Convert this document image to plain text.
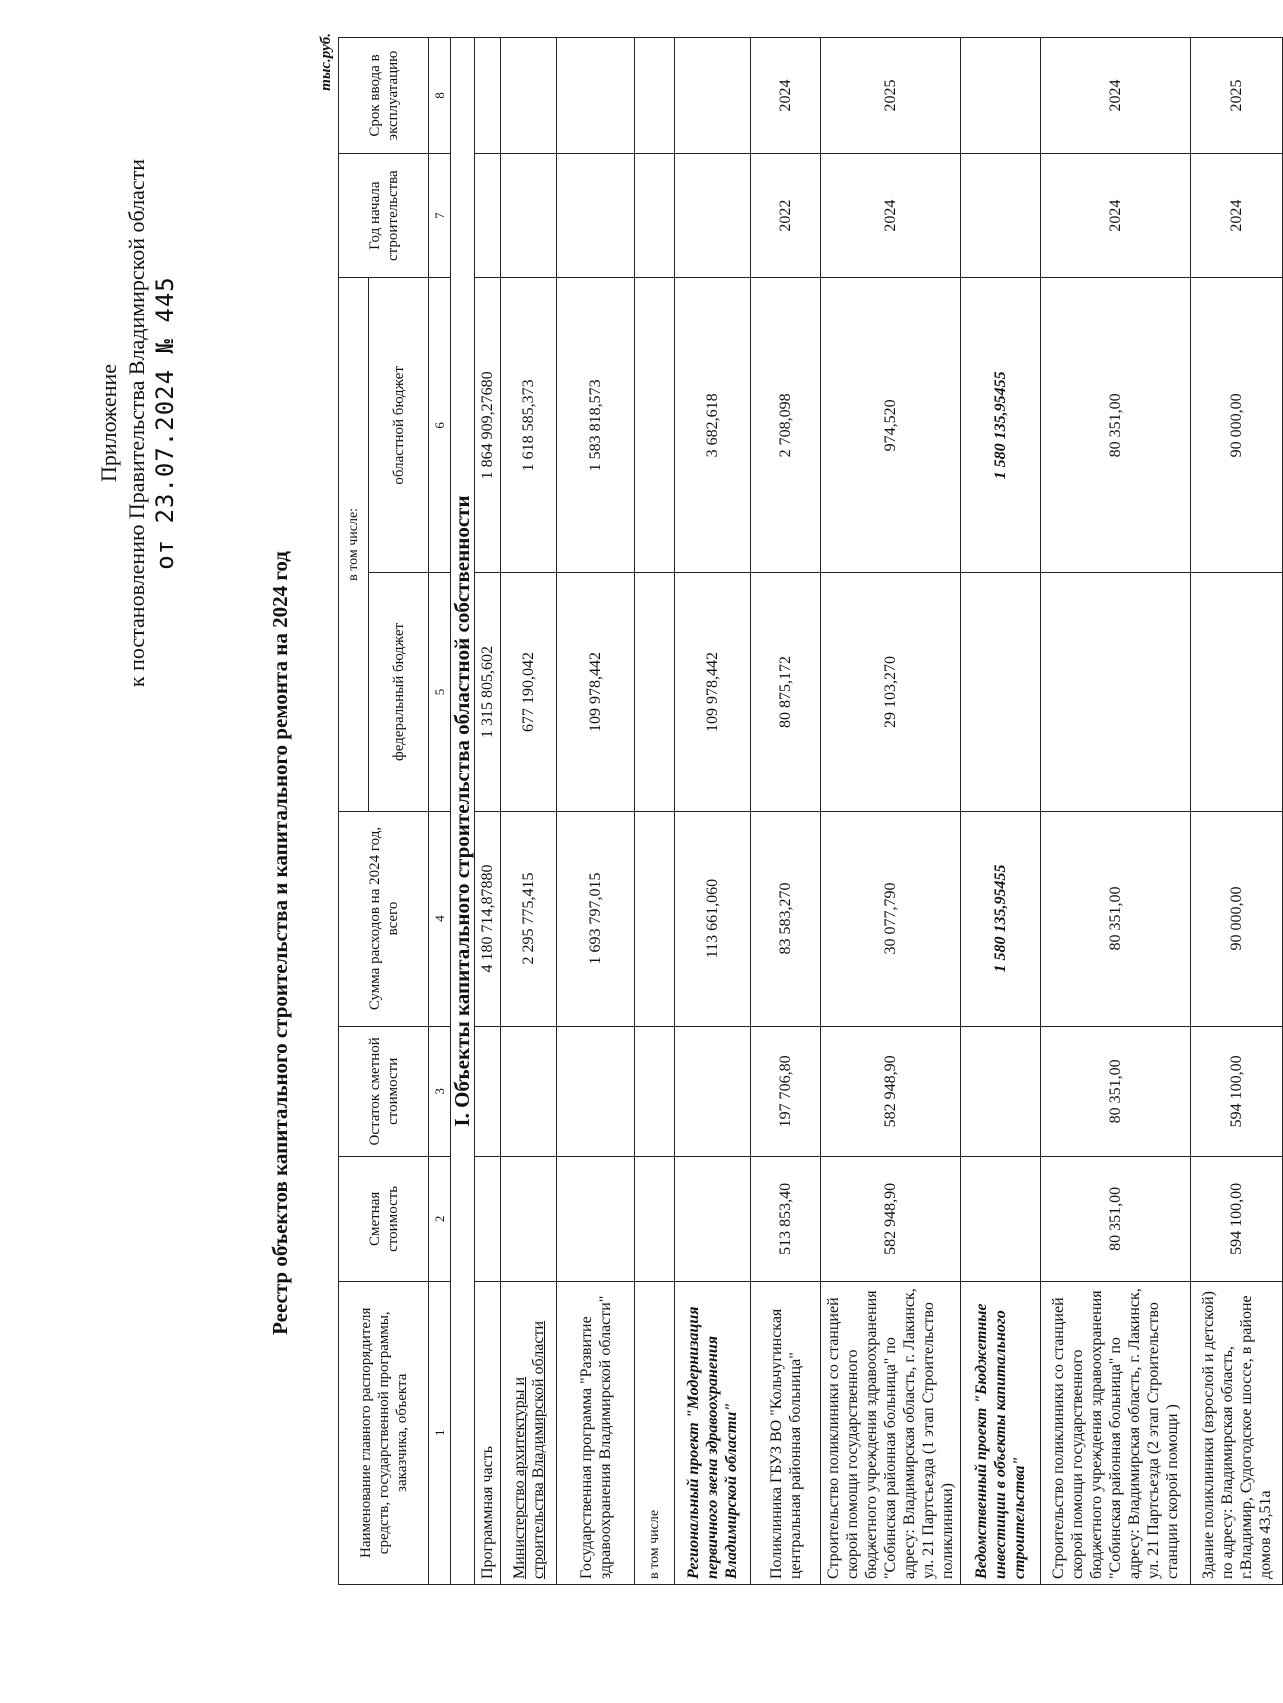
Приложение к постановлению Правительства Владимирской области от 23.07.2024 № 445
Реестр объектов капитального строительства и капитального ремонта на 2024 год
тыс.руб.
Наименование главного распорядителя средств, государственной программы, заказчика, объекта	Сметная стоимость	Остаток сметной стоимости	Сумма расходов на 2024 год, всего	в том числе:		Год начала строительства	Срок ввода в эксплуатацию
				федеральный бюджет	областной бюджет		
1	2	3	4	5	6	7	8
I. Объекты капитального строительства областной собственности							
Программная часть			4 180 714,87880	1 315 805,602	1 864 909,27680		
Министерство архитектуры и строительства Владимирской области			2 295 775,415	677 190,042	1 618 585,373		
Государственная программа "Развитие здравоохранения Владимирской области"			1 693 797,015	109 978,442	1 583 818,573		
в том числе							
Региональный проект "Модернизация первичного звена здравоохранения Владимирской области"			113 661,060	109 978,442	3 682,618		
Поликлиника ГБУЗ ВО "Кольчугинская центральная районная больница"	513 853,40	197 706,80	83 583,270	80 875,172	2 708,098	2022	2024
Строительство поликлиники со станцией скорой помощи государственного бюджетного учреждения здравоохранения "Собинская районная больница" по адресу: Владимирская область, г. Лакинск, ул. 21 Партсъезда (1 этап Строительство поликлиники)	582 948,90	582 948,90	30 077,790	29 103,270	974,520	2024	2025
Ведомственный проект "Бюджетные инвестиции в объекты капитального строительства"			1 580 135,95455		1 580 135,95455		
Строительство поликлиники со станцией скорой помощи государственного бюджетного учреждения здравоохранения "Собинская районная больница" по адресу: Владимирская область, г. Лакинск, ул. 21 Партсъезда (2 этап Строительство станции скорой помощи )	80 351,00	80 351,00	80 351,00		80 351,00	2024	2024
Здание поликлиники (взрослой и детской) по адресу: Владимирская область, г.Владимир, Судогодское шоссе, в районе домов 43,51а	594 100,00	594 100,00	90 000,00		90 000,00	2024	2025
